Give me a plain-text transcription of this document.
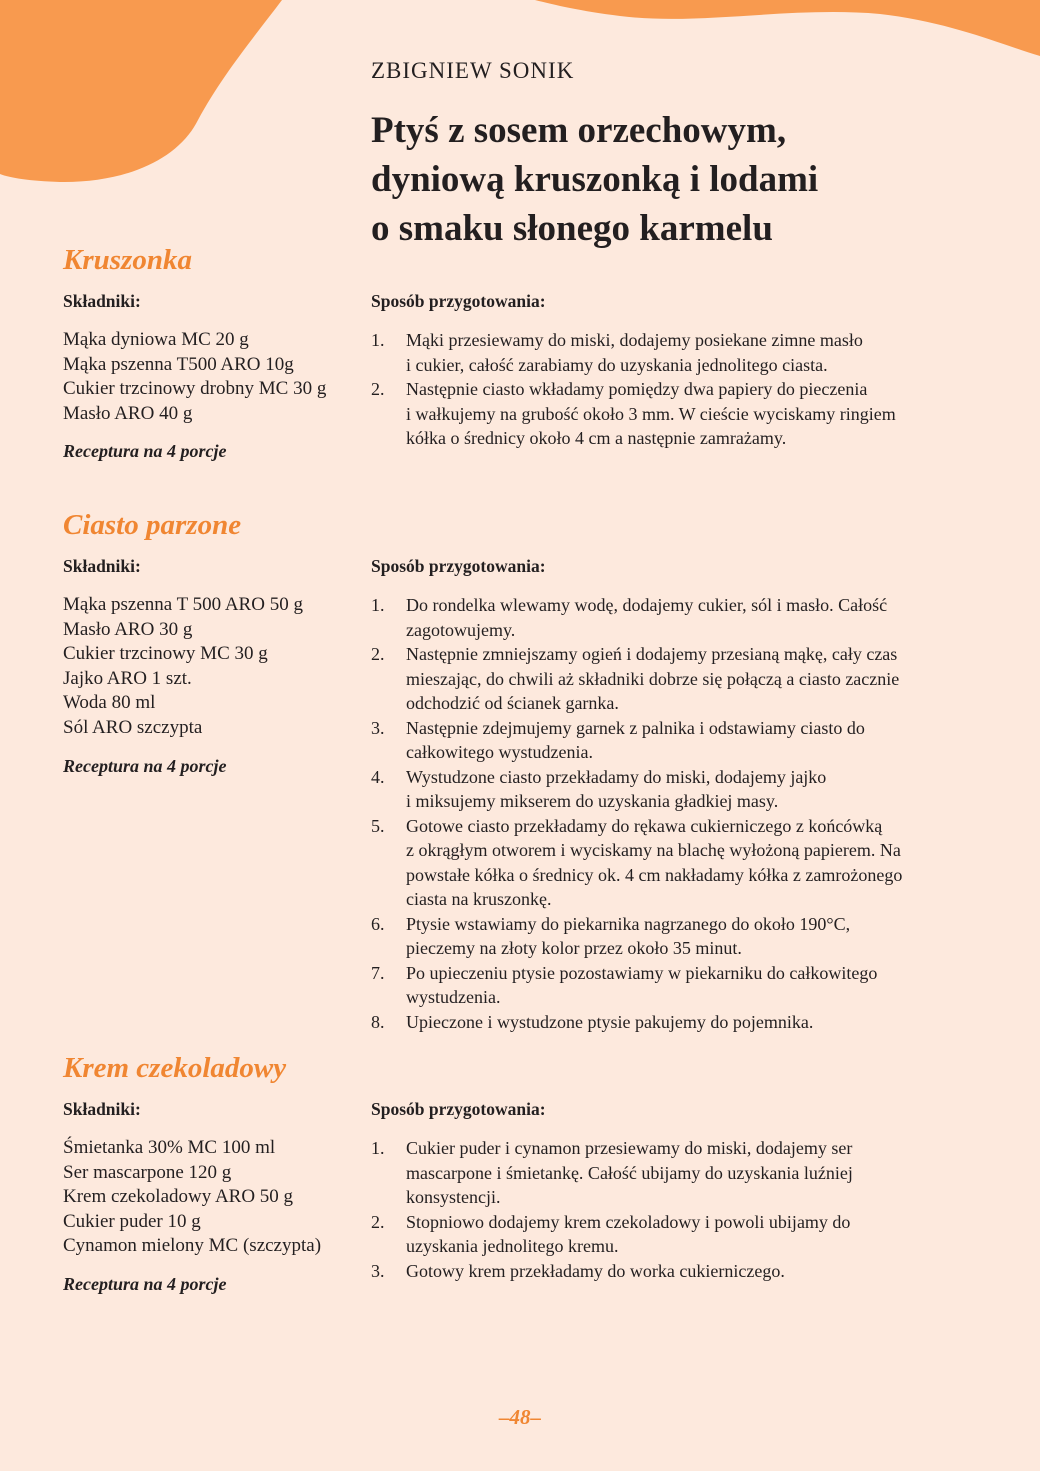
ZBIGNIEW SONIK
Ptyś z sosem orzechowym,
dyniową kruszonką i lodami
o smaku słonego karmelu
Kruszonka
Składniki:	Sposób przygotowania:
Mąka dyniowa MC 20 g
Mąka pszenna T500 ARO 10g
Cukier trzcinowy drobny MC 30 g
Masło ARO 40 g
Receptura na 4 porcje
1. Mąki przesiewamy do miski, dodajemy posiekane zimne masło
i cukier, całość zarabiamy do uzyskania jednolitego ciasta.
2. Następnie ciasto wkładamy pomiędzy dwa papiery do pieczenia
i wałkujemy na grubość około 3 mm. W cieście wyciskamy ringiem
kółka o średnicy około 4 cm a następnie zamrażamy.
Ciasto parzone
Składniki:	Sposób przygotowania:
Mąka pszenna T 500 ARO 50 g
Masło ARO 30 g
Cukier trzcinowy MC 30 g
Jajko ARO 1 szt.
Woda 80 ml
Sól ARO szczypta
Receptura na 4 porcje
1. Do rondelka wlewamy wodę, dodajemy cukier, sól i masło. Całość
zagotowujemy.
2. Następnie zmniejszamy ogień i dodajemy przesianą mąkę, cały czas
mieszając, do chwili aż składniki dobrze się połączą a ciasto zacznie
odchodzić od ścianek garnka.
3. Następnie zdejmujemy garnek z palnika i odstawiamy ciasto do
całkowitego wystudzenia.
4. Wystudzone ciasto przekładamy do miski, dodajemy jajko
i miksujemy mikserem do uzyskania gładkiej masy.
5. Gotowe ciasto przekładamy do rękawa cukierniczego z końcówką
z okrągłym otworem i wyciskamy na blachę wyłożoną papierem. Na
powstałe kółka o średnicy ok. 4 cm nakładamy kółka z zamrożonego
ciasta na kruszonkę.
6. Ptysie wstawiamy do piekarnika nagrzanego do około 190°C,
pieczemy na złoty kolor przez około 35 minut.
7. Po upieczeniu ptysie pozostawiamy w piekarniku do całkowitego
wystudzenia.
8. Upieczone i wystudzone ptysie pakujemy do pojemnika.
Krem czekoladowy
Składniki:	Sposób przygotowania:
Śmietanka 30% MC 100 ml
Ser mascarpone 120 g
Krem czekoladowy ARO 50 g
Cukier puder 10 g
Cynamon mielony MC (szczypta)
Receptura na 4 porcje
1. Cukier puder i cynamon przesiewamy do miski, dodajemy ser
mascarpone i śmietankę. Całość ubijamy do uzyskania luźniej
konsystencji.
2. Stopniowo dodajemy krem czekoladowy i powoli ubijamy do
uzyskania jednolitego kremu.
3. Gotowy krem przekładamy do worka cukierniczego.
–48–
